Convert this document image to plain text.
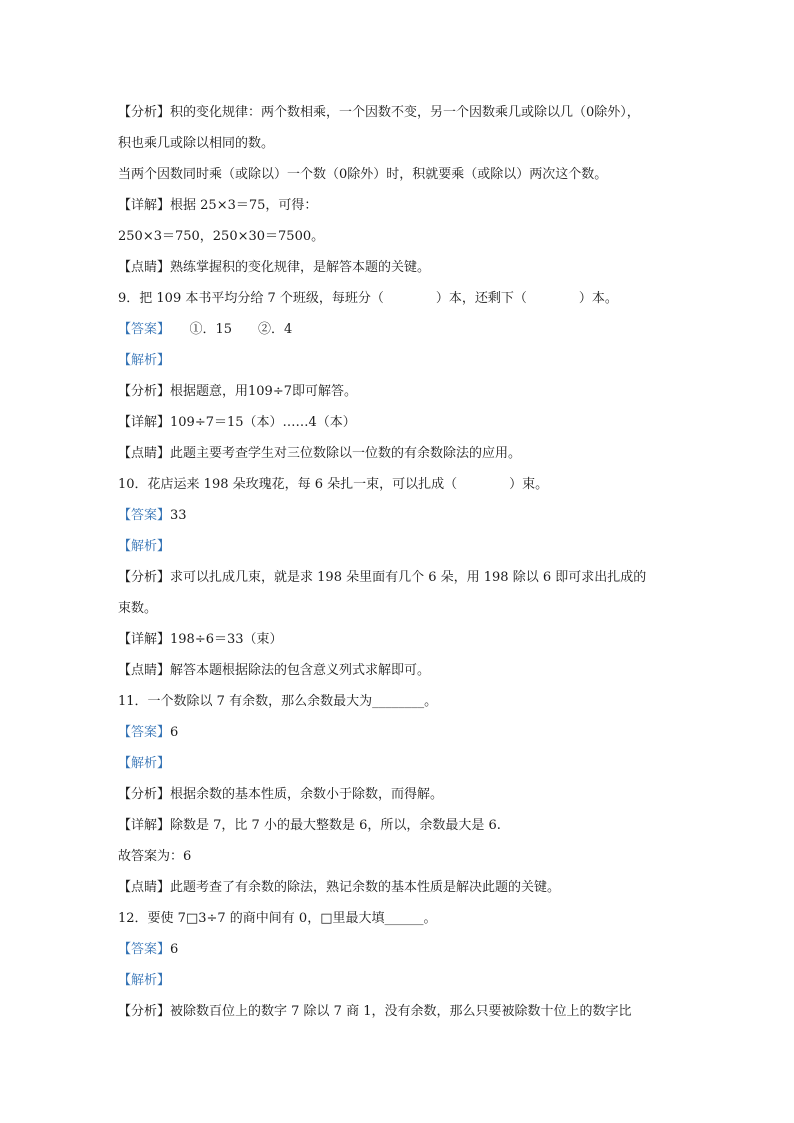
【分析】积的变化规律：两个数相乘，一个因数不变，另一个因数乘几或除以几（0除外），
积也乘几或除以相同的数。
当两个因数同时乘（或除以）一个数（0除外）时，积就要乘（或除以）两次这个数。
【详解】根据 25×3＝75，可得：
250×3＝750，250×30＝7500。
【点睛】熟练掌握积的变化规律，是解答本题的关键。
9．把 109 本书平均分给 7 个班级，每班分（　　　　）本，还剩下（　　　　）本。
【答案】　　①．15　　②．4
【解析】
【分析】根据题意，用109÷7即可解答。
【详解】109÷7＝15（本）……4（本）
【点睛】此题主要考查学生对三位数除以一位数的有余数除法的应用。
10．花店运来 198 朵玫瑰花，每 6 朵扎一束，可以扎成（　　　　）束。
【答案】33
【解析】
【分析】求可以扎成几束，就是求 198 朵里面有几个 6 朵，用 198 除以 6 即可求出扎成的
束数。
【详解】198÷6＝33（束）
【点睛】解答本题根据除法的包含意义列式求解即可。
11．一个数除以 7 有余数，那么余数最大为________。
【答案】6
【解析】
【分析】根据余数的基本性质，余数小于除数，而得解。
【详解】除数是 7，比 7 小的最大整数是 6，所以，余数最大是 6.
故答案为：6
【点睛】此题考查了有余数的除法，熟记余数的基本性质是解决此题的关键。
12．要使 7□3÷7 的商中间有 0，□里最大填______。
【答案】6
【解析】
【分析】被除数百位上的数字 7 除以 7 商 1，没有余数，那么只要被除数十位上的数字比
